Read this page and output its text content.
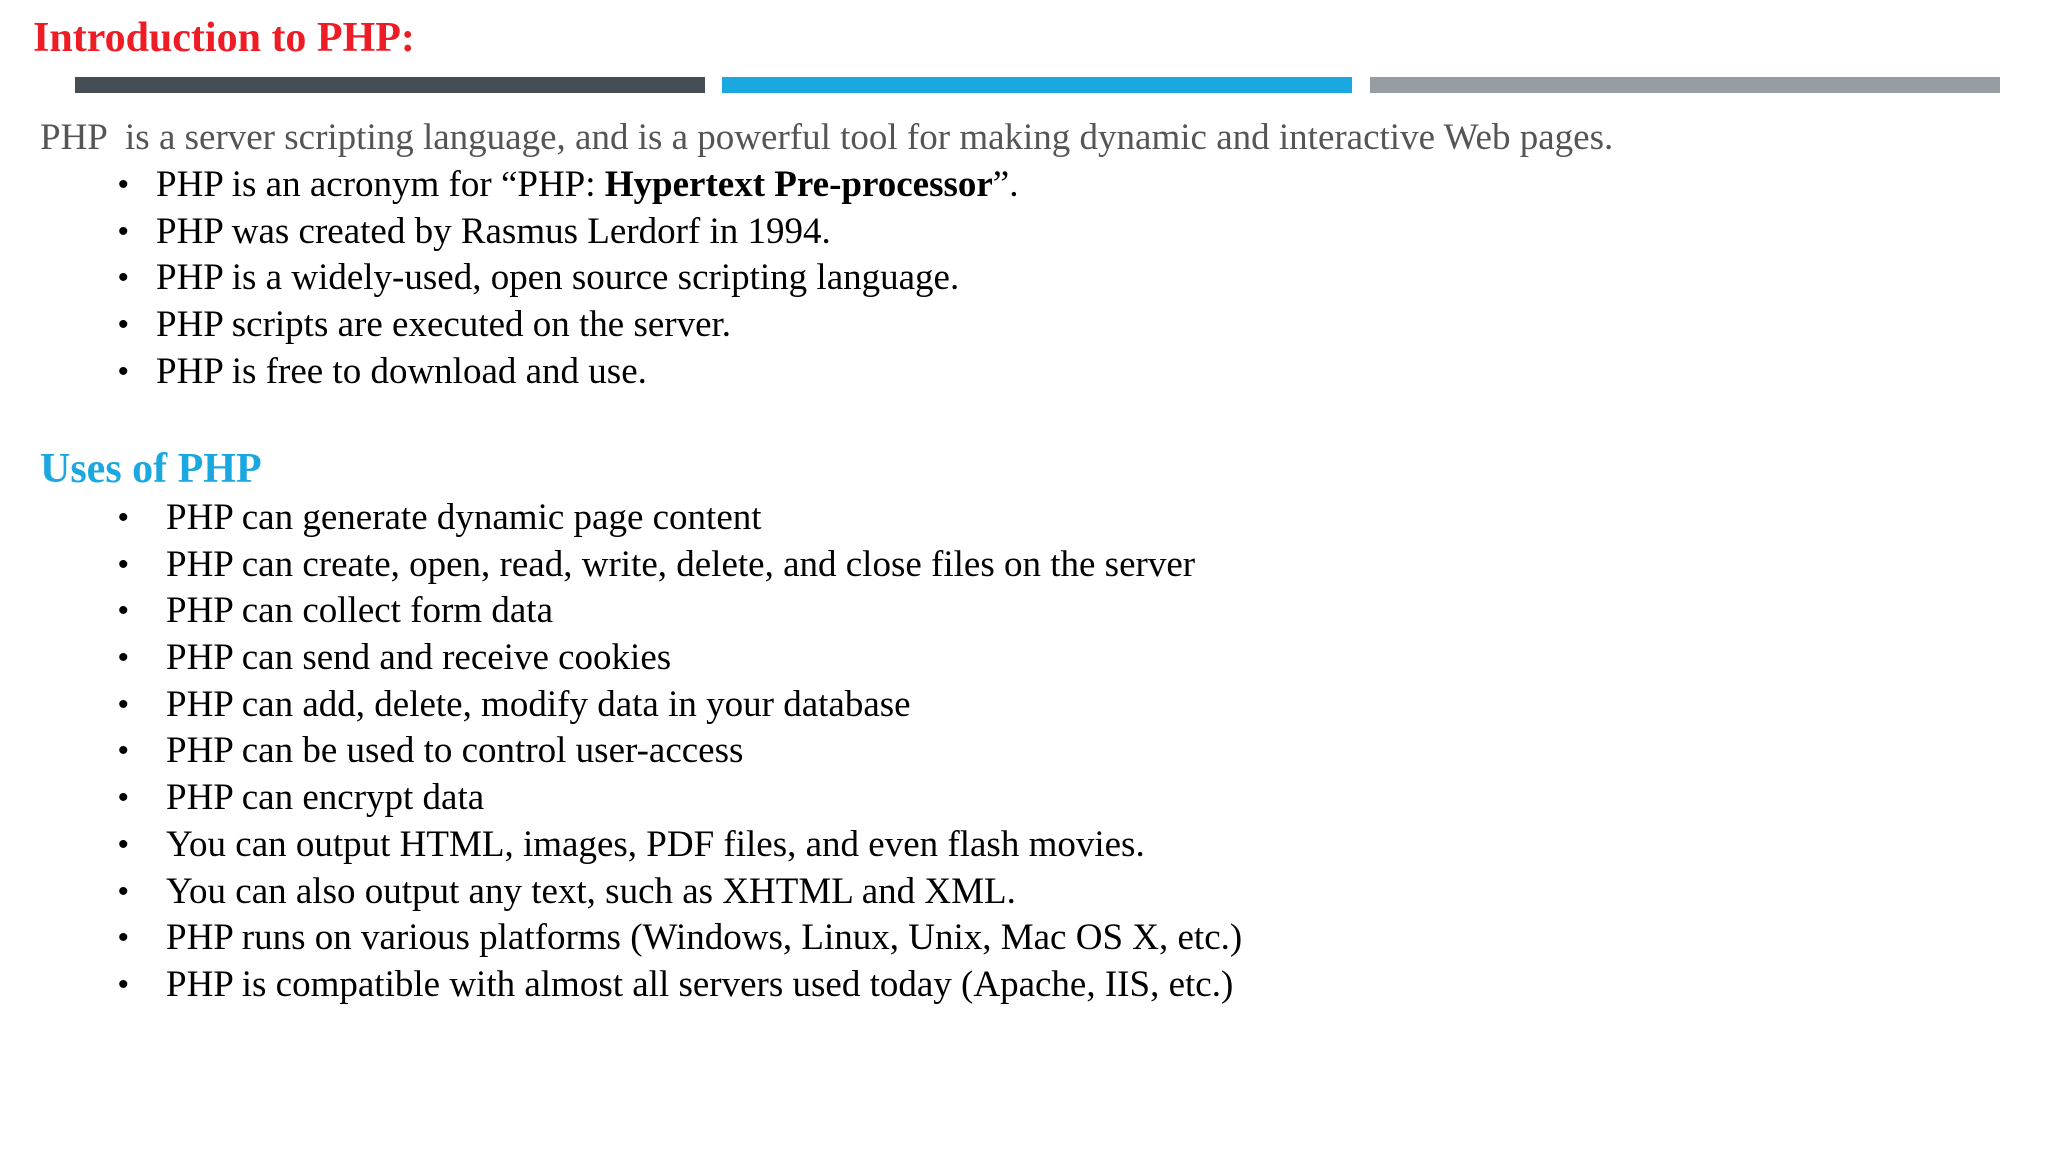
Introduction to PHP:

PHP  is a server scripting language, and is a powerful tool for making dynamic and interactive Web pages.

• PHP is an acronym for “PHP: Hypertext Pre-processor”.
• PHP was created by Rasmus Lerdorf in 1994.
• PHP is a widely-used, open source scripting language.
• PHP scripts are executed on the server.
• PHP is free to download and use.
Uses of PHP
• PHP can generate dynamic page content
• PHP can create, open, read, write, delete, and close files on the server
• PHP can collect form data
• PHP can send and receive cookies
• PHP can add, delete, modify data in your database
• PHP can be used to control user-access
• PHP can encrypt data
• You can output HTML, images, PDF files, and even flash movies.
• You can also output any text, such as XHTML and XML.
• PHP runs on various platforms (Windows, Linux, Unix, Mac OS X, etc.)
• PHP is compatible with almost all servers used today (Apache, IIS, etc.)
